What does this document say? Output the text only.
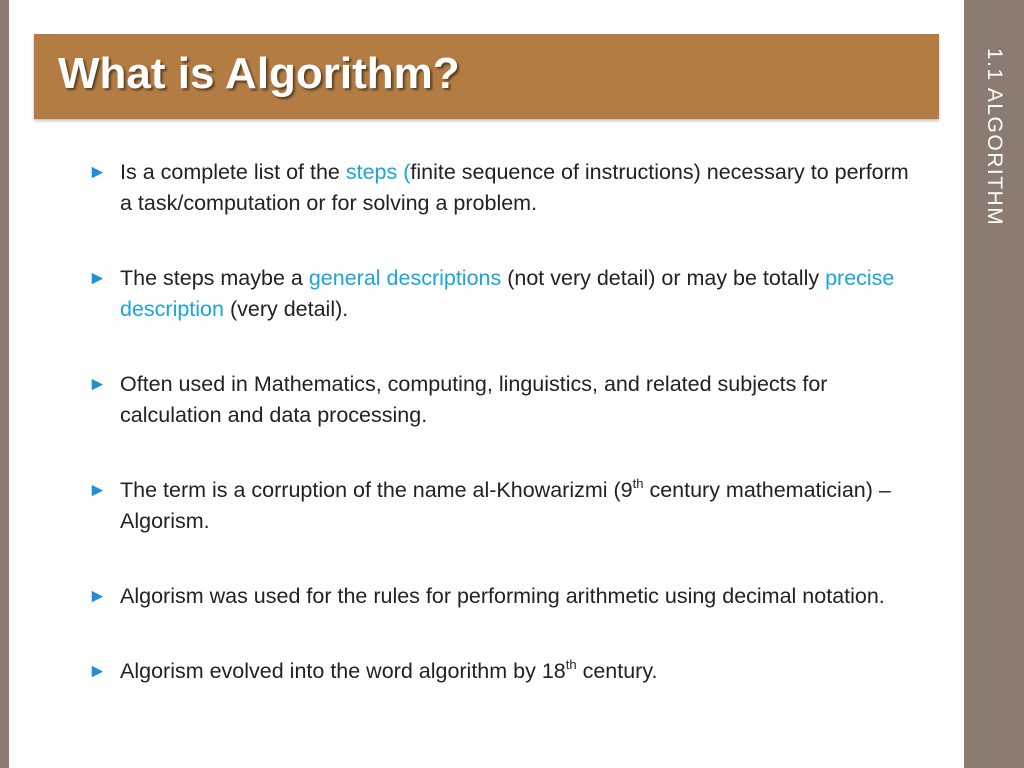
1.1 ALGORITHM
What is Algorithm?
► Is a complete list of the steps (finite sequence of instructions) necessary to perform a task/computation or for solving a problem.
► The steps maybe a general descriptions (not very detail) or may be totally precise description (very detail).
► Often used in Mathematics, computing, linguistics, and related subjects for calculation and data processing.
► The term is a corruption of the name al-Khowarizmi (9th century mathematician) – Algorism.
► Algorism was used for the rules for performing arithmetic using decimal notation.
► Algorism evolved into the word algorithm by 18th century.
